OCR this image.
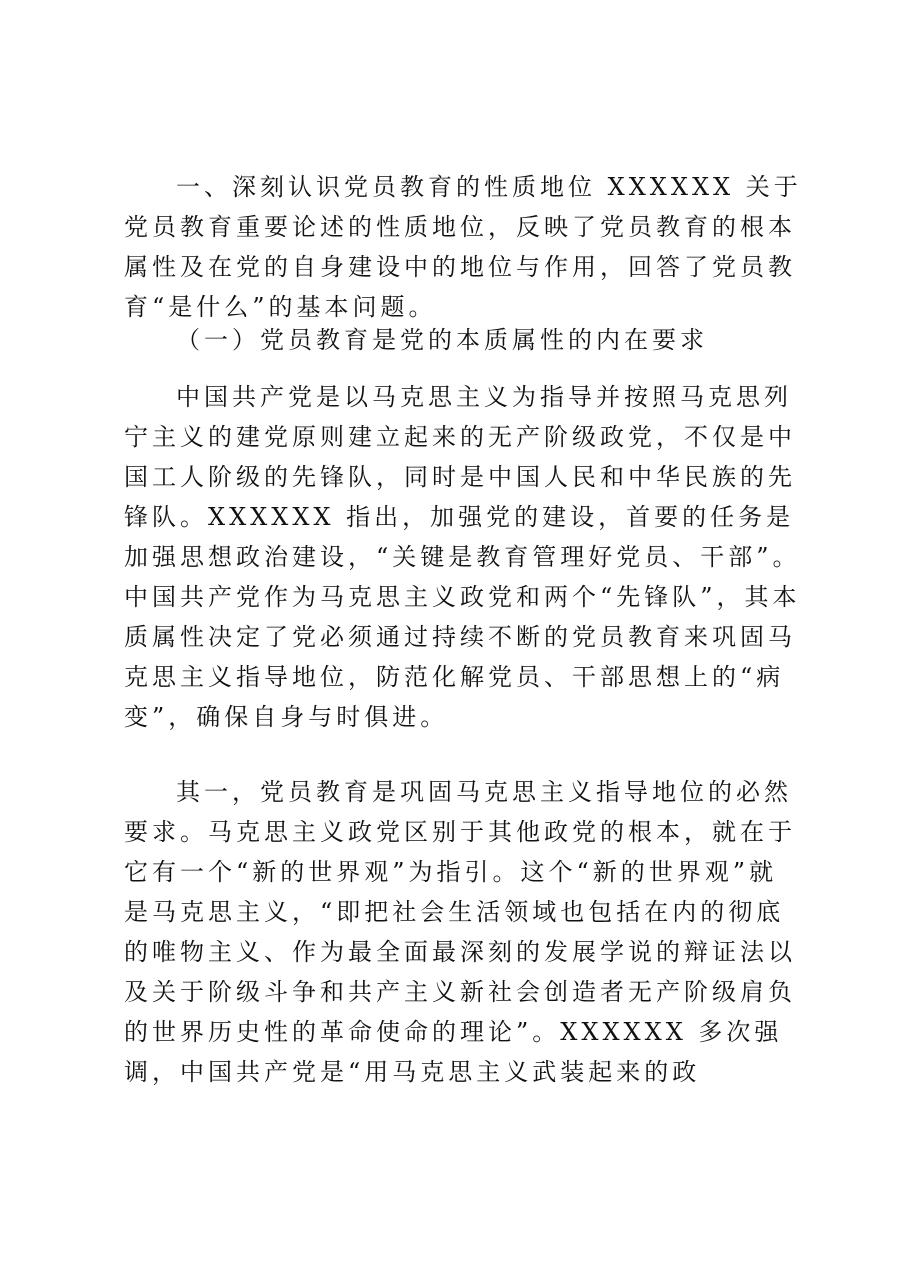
一、深刻认识党员教育的性质地位 XXXXXX 关于党员教育重要论述的性质地位，反映了党员教育的根本属性及在党的自身建设中的地位与作用，回答了党员教育“是什么”的基本问题。

（一）党员教育是党的本质属性的内在要求

中国共产党是以马克思主义为指导并按照马克思列宁主义的建党原则建立起来的无产阶级政党，不仅是中国工人阶级的先锋队，同时是中国人民和中华民族的先锋队。XXXXXX 指出，加强党的建设，首要的任务是加强思想政治建设，“关键是教育管理好党员、干部”。中国共产党作为马克思主义政党和两个“先锋队”，其本质属性决定了党必须通过持续不断的党员教育来巩固马克思主义指导地位，防范化解党员、干部思想上的“病变”，确保自身与时俱进。

其一，党员教育是巩固马克思主义指导地位的必然要求。马克思主义政党区别于其他政党的根本，就在于它有一个“新的世界观”为指引。这个“新的世界观”就是马克思主义，“即把社会生活领域也包括在内的彻底的唯物主义、作为最全面最深刻的发展学说的辩证法以及关于阶级斗争和共产主义新社会创造者无产阶级肩负的世界历史性的革命使命的理论”。XXXXXX 多次强调，中国共产党是“用马克思主义武装起来的政
